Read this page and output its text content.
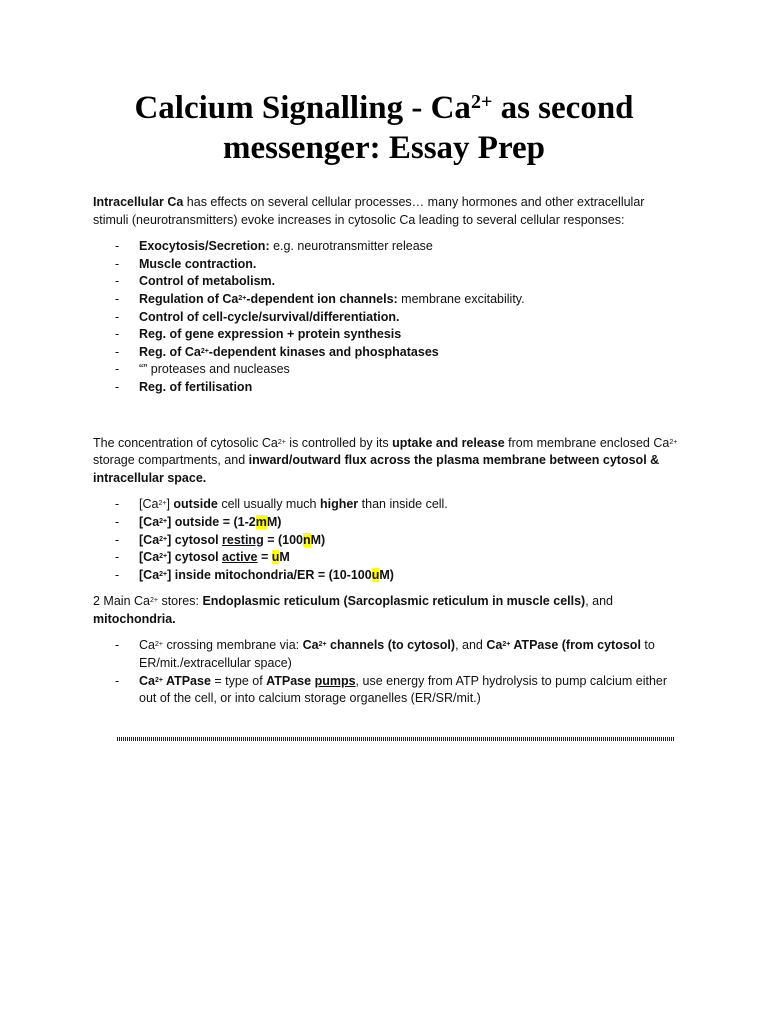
Calcium Signalling - $Ca^{2+}$ as second messenger: Essay Prep

Intracellular Ca has effects on several cellular processes… many hormones and other extracellular stimuli (neurotransmitters) evoke increases in cytosolic Ca leading to several cellular responses:

- Exocytosis/Secretion: e.g. neurotransmitter release
- Muscle contraction.
- Control of metabolism.
- Regulation of $Ca^{2+}$-dependent ion channels: membrane excitability.
- Control of cell-cycle/survival/differentiation.
- Reg. of gene expression + protein synthesis
- Reg. of $Ca^{2+}$-dependent kinases and phosphatases
- “” proteases and nucleases
- Reg. of fertilisation

The concentration of cytosolic $Ca^{2+}$ is controlled by its uptake and release from membrane enclosed $Ca^{2+}$ storage compartments, and inward/outward flux across the plasma membrane between cytosol & intracellular space.

- $[Ca^{2+}]$ outside cell usually much higher than inside cell.
- $[Ca^{2+}]$ outside = (1-2mM)
- $[Ca^{2+}]$ cytosol resting = (100nM)
- $[Ca^{2+}]$ cytosol active = uM
- $[Ca^{2+}]$ inside mitochondria/ER = (10-100uM)

2 Main $Ca^{2+}$ stores: Endoplasmic reticulum (Sarcoplasmic reticulum in muscle cells), and mitochondria.

- $Ca^{2+}$ crossing membrane via: $Ca^{2+}$ channels (to cytosol), and $Ca^{2+}$ ATPase (from cytosol to ER/mit./extracellular space)
- $Ca^{2+}$ ATPase = type of ATPase pumps, use energy from ATP hydrolysis to pump calcium either out of the cell, or into calcium storage organelles (ER/SR/mit.)
